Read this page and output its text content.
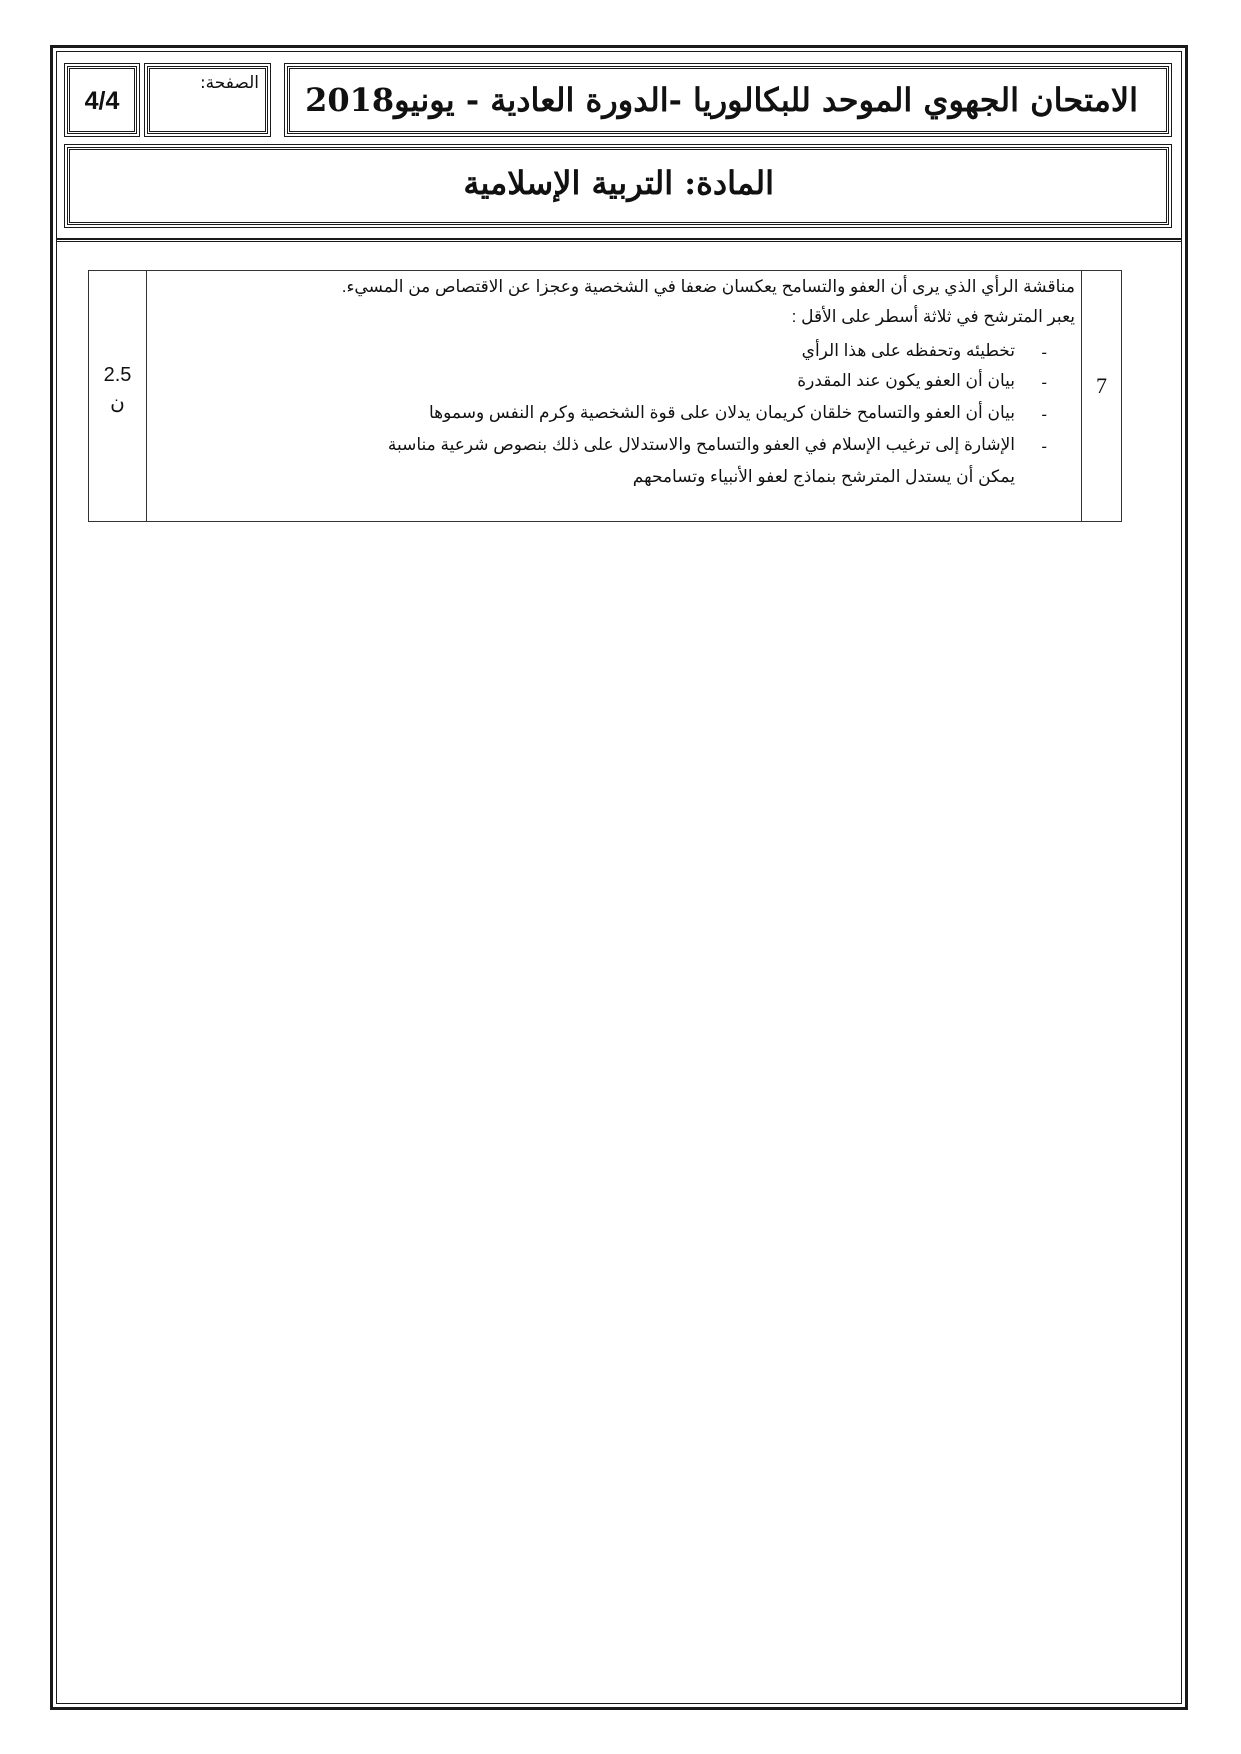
الامتحان الجهوي الموحد للبكالوريا -الدورة العادية - يونيو2018
الصفحة:
4/4
المادة: التربية الإسلامية
7
2.5
ن
مناقشة الرأي الذي يرى أن العفو والتسامح يعكسان ضعفا في الشخصية وعجزا عن الاقتصاص من المسيء.
يعبر المترشح في ثلاثة أسطر على الأقل :
-
تخطيئه وتحفظه على هذا الرأي
-
بيان أن العفو يكون عند المقدرة
-
بيان أن العفو والتسامح خلقان كريمان يدلان على قوة الشخصية وكرم النفس وسموها
-
الإشارة إلى ترغيب الإسلام في العفو والتسامح والاستدلال على ذلك بنصوص شرعية مناسبة
يمكن أن يستدل المترشح بنماذج لعفو الأنبياء وتسامحهم
